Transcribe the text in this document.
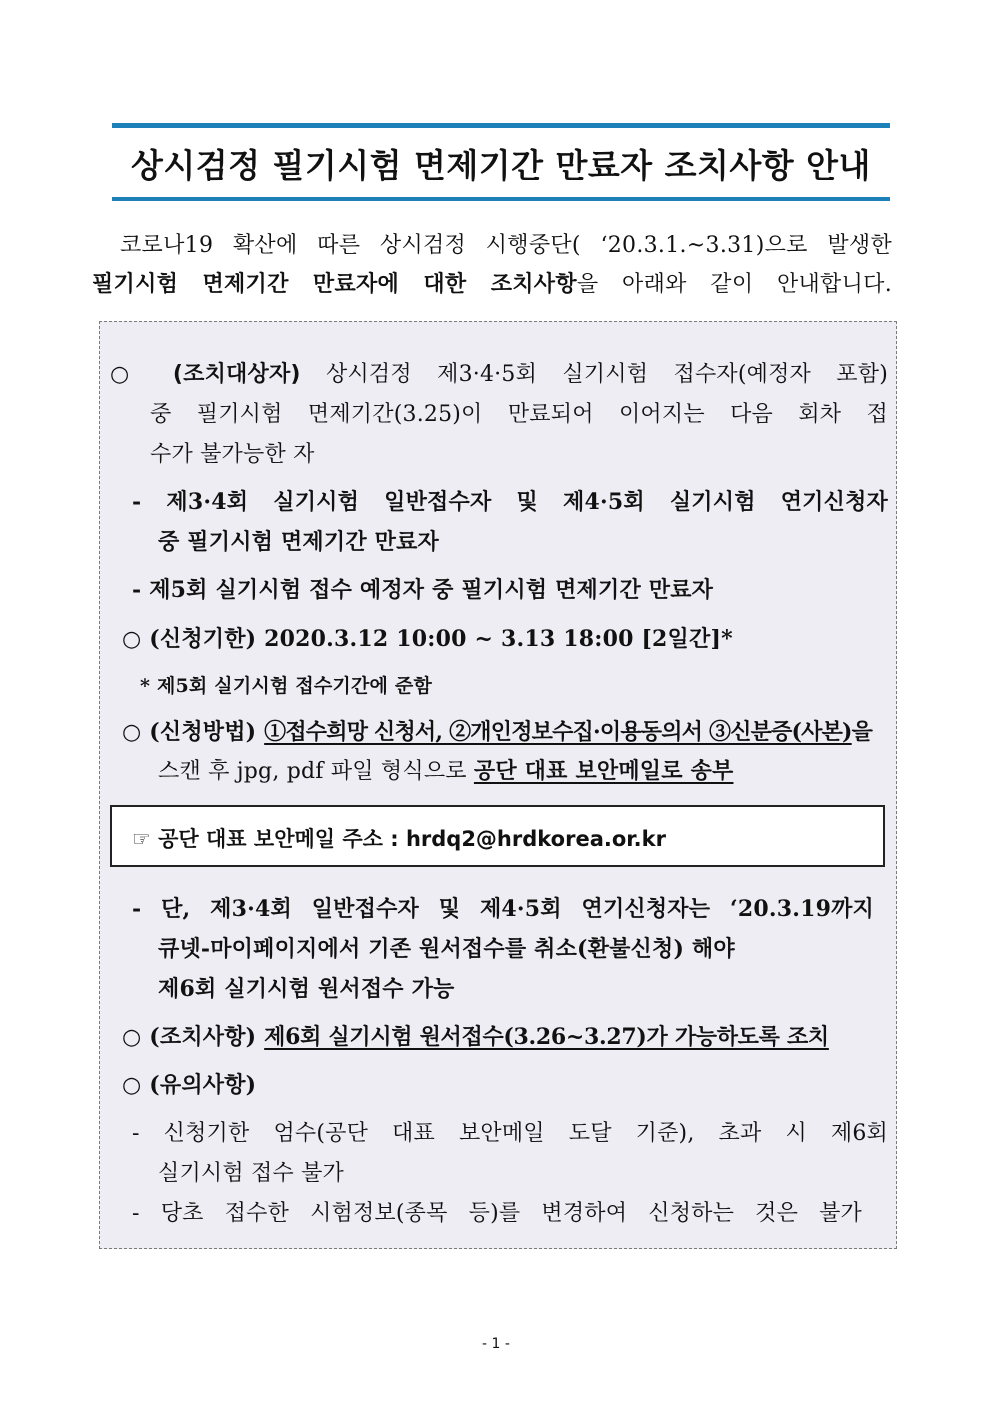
상시검정 필기시험 면제기간 만료자 조치사항 안내
코로나19 확산에 따른 상시검정 시행중단( ‘20.3.1.~3.31)으로 발생한
필기시험 면제기간 만료자에 대한 조치사항을 아래와 같이 안내합니다.
○ (조치대상자) 상시검정 제3·4·5회 실기시험 접수자(예정자 포함)
중 필기시험 면제기간(3.25)이 만료되어 이어지는 다음 회차 접
수가 불가능한 자
- 제3·4회 실기시험 일반접수자 및 제4·5회 실기시험 연기신청자
중 필기시험 면제기간 만료자
- 제5회 실기시험 접수 예정자 중 필기시험 면제기간 만료자
○ (신청기한) 2020.3.12 10:00 ~ 3.13 18:00 [2일간]*
* 제5회 실기시험 접수기간에 준함
○ (신청방법) ①접수희망 신청서, ②개인정보수집·이용동의서 ③신분증(사본)을
스캔 후 jpg, pdf 파일 형식으로 공단 대표 보안메일로 송부
☞ 공단 대표 보안메일 주소 : hrdq2@hrdkorea.or.kr
- 단, 제3·4회 일반접수자 및 제4·5회 연기신청자는 ‘20.3.19까지
큐넷-마이페이지에서 기존 원서접수를 취소(환불신청) 해야
제6회 실기시험 원서접수 가능
○ (조치사항) 제6회 실기시험 원서접수(3.26~3.27)가 가능하도록 조치
○ (유의사항)
- 신청기한 엄수(공단 대표 보안메일 도달 기준), 초과 시 제6회
실기시험 접수 불가
- 당초 접수한 시험정보(종목 등)를 변경하여 신청하는 것은 불가
- 1 -
